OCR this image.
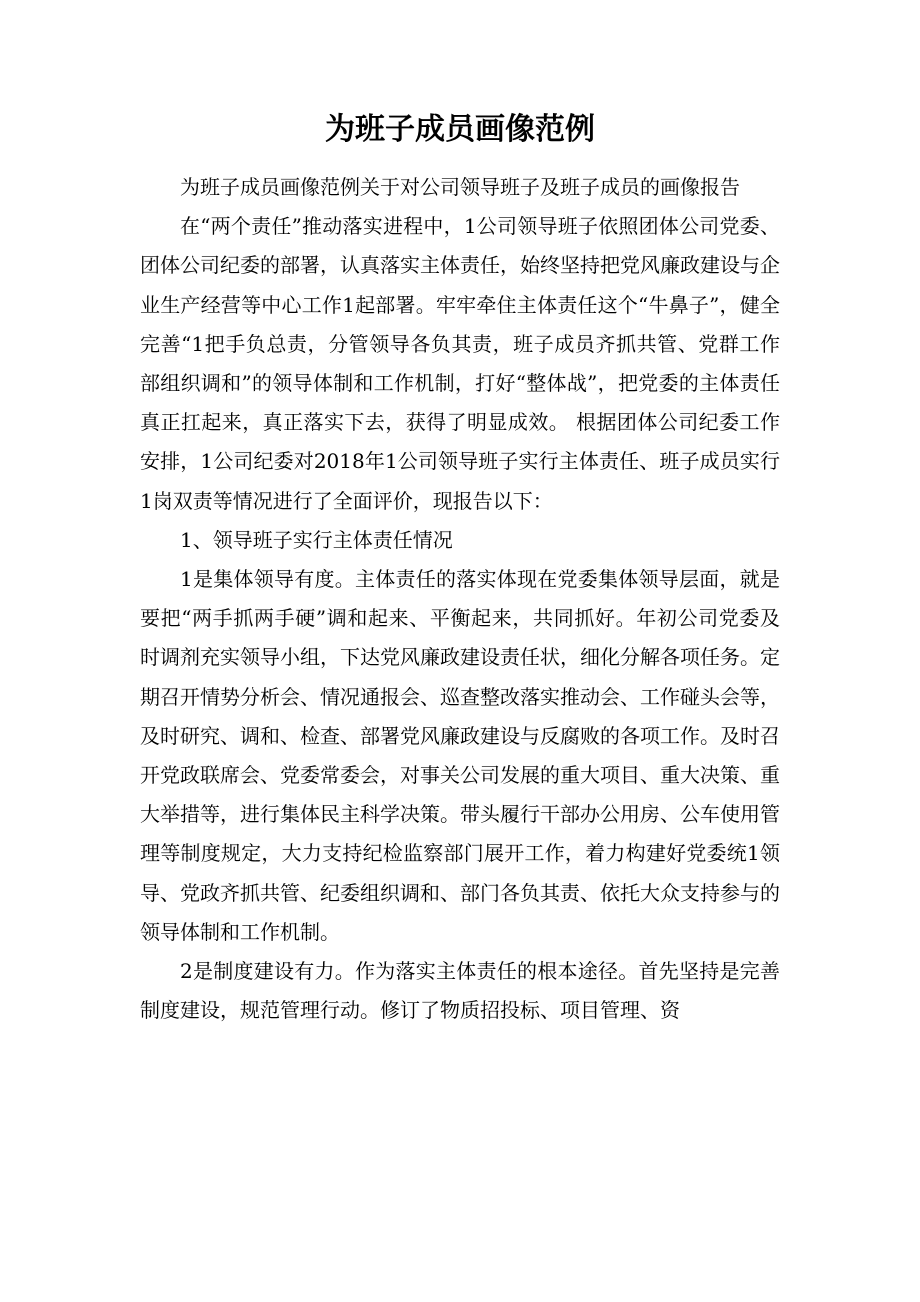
为班子成员画像范例

为班子成员画像范例关于对公司领导班子及班子成员的画像报告

在“两个责任”推动落实进程中，1公司领导班子依照团体公司党委、团体公司纪委的部署，认真落实主体责任，始终坚持把党风廉政建设与企业生产经营等中心工作1起部署。牢牢牵住主体责任这个“牛鼻子”，健全完善“1把手负总责，分管领导各负其责，班子成员齐抓共管、党群工作部组织调和”的领导体制和工作机制，打好“整体战”，把党委的主体责任真正扛起来，真正落实下去，获得了明显成效。 根据团体公司纪委工作安排，1公司纪委对2018年1公司领导班子实行主体责任、班子成员实行1岗双责等情况进行了全面评价，现报告以下：

1、领导班子实行主体责任情况

1是集体领导有度。主体责任的落实体现在党委集体领导层面，就是要把“两手抓两手硬”调和起来、平衡起来，共同抓好。年初公司党委及时调剂充实领导小组，下达党风廉政建设责任状，细化分解各项任务。定期召开情势分析会、情况通报会、巡查整改落实推动会、工作碰头会等，及时研究、调和、检查、部署党风廉政建设与反腐败的各项工作。及时召开党政联席会、党委常委会，对事关公司发展的重大项目、重大决策、重大举措等，进行集体民主科学决策。带头履行干部办公用房、公车使用管理等制度规定，大力支持纪检监察部门展开工作，着力构建好党委统1领导、党政齐抓共管、纪委组织调和、部门各负其责、依托大众支持参与的领导体制和工作机制。

2是制度建设有力。作为落实主体责任的根本途径。首先坚持是完善制度建设，规范管理行动。修订了物质招投标、项目管理、资
